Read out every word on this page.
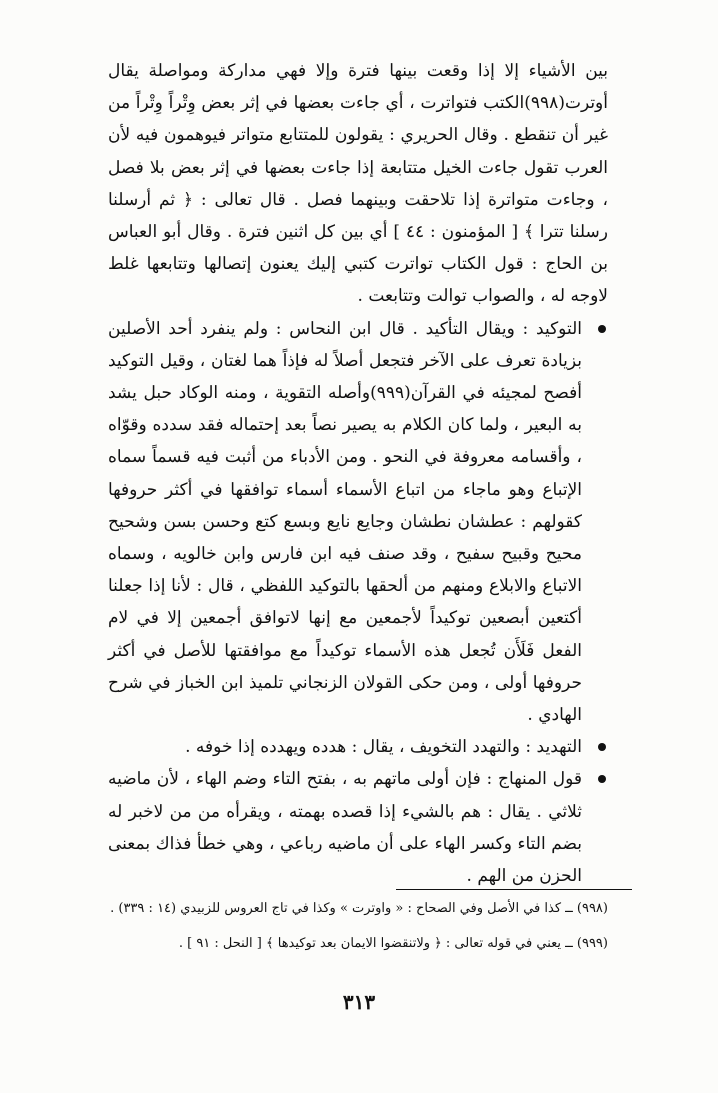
بين الأشياء إلا إذا وقعت بينها فترة وإلا فهي مداركة ومواصلة يقال أوترت(٩٩٨)الكتب فتواترت ، أي جاءت بعضها في إثر بعض وِتْراً وِتْراً من غير أن تنقطع . وقال الحريري : يقولون للمتتابع متواتر فيوهمون فيه لأن العرب تقول جاءت الخيل متتابعة إذا جاءت بعضها في إثر بعض بلا فصل ، وجاءت متواترة إذا تلاحقت وبينهما فصل . قال تعالى : ﴿ ثم أرسلنا رسلنا تترا ﴾ [ المؤمنون : ٤٤ ] أي بين كل اثنين فترة . وقال أبو العباس بن الحاج : قول الكتاب تواترت كتبي إليك يعنون إتصالها وتتابعها غلط لاوجه له ، والصواب توالت وتتابعت .

التوكيد : ويقال التأكيد . قال ابن النحاس : ولم ينفرد أحد الأصلين بزيادة تعرف على الآخر فتجعل أصلاً له فإذاً هما لغتان ، وقيل التوكيد أفصح لمجيئه في القرآن(٩٩٩)وأصله التقوية ، ومنه الوكاد حبل يشد به البعير ، ولما كان الكلام به يصير نصاً بعد إحتماله فقد سدده وقوّاه ، وأقسامه معروفة في النحو . ومن الأدباء من أثبت فيه قسماً سماه الإتباع وهو ماجاء من اتباع الأسماء أسماء توافقها في أكثر حروفها كقولهم : عطشان نطشان وجايع نايع وبسع كتع وحسن بسن وشحيح محيح وقبيح سفيح ، وقد صنف فيه ابن فارس وابن خالويه ، وسماه الاتباع والابلاع ومنهم من ألحقها بالتوكيد اللفظي ، قال : لأنا إذا جعلنا أكتعين أبصعين توكيداً لأجمعين مع إنها لاتوافق أجمعين إلا في لام الفعل فَلَأَن تُجعل هذه الأسماء توكيداً مع موافقتها للأصل في أكثر حروفها أولى ، ومن حكى القولان الزنجاني تلميذ ابن الخباز في شرح الهادي .

التهديد : والتهدد التخويف ، يقال : هدده ويهدده إذا خوفه .

قول المنهاج : فإن أولى ماتهم به ، بفتح التاء وضم الهاء ، لأن ماضيه ثلاثي . يقال : هم بالشيء إذا قصده بهمته ، ويقرأه من من لاخبر له بضم التاء وكسر الهاء على أن ماضيه رباعي ، وهي خطأ فذاك بمعنى الحزن من الهم .

(٩٩٨) ــ كذا في الأصل وفي الصحاح : « واوترت » وكذا في تاج العروس للزبيدي (١٤ : ٣٣٩) .

(٩٩٩) ــ يعني في قوله تعالى : ﴿ ولاتنقضوا الايمان بعد توكيدها ﴾ [ النحل : ٩١ ] .

٣١٣
